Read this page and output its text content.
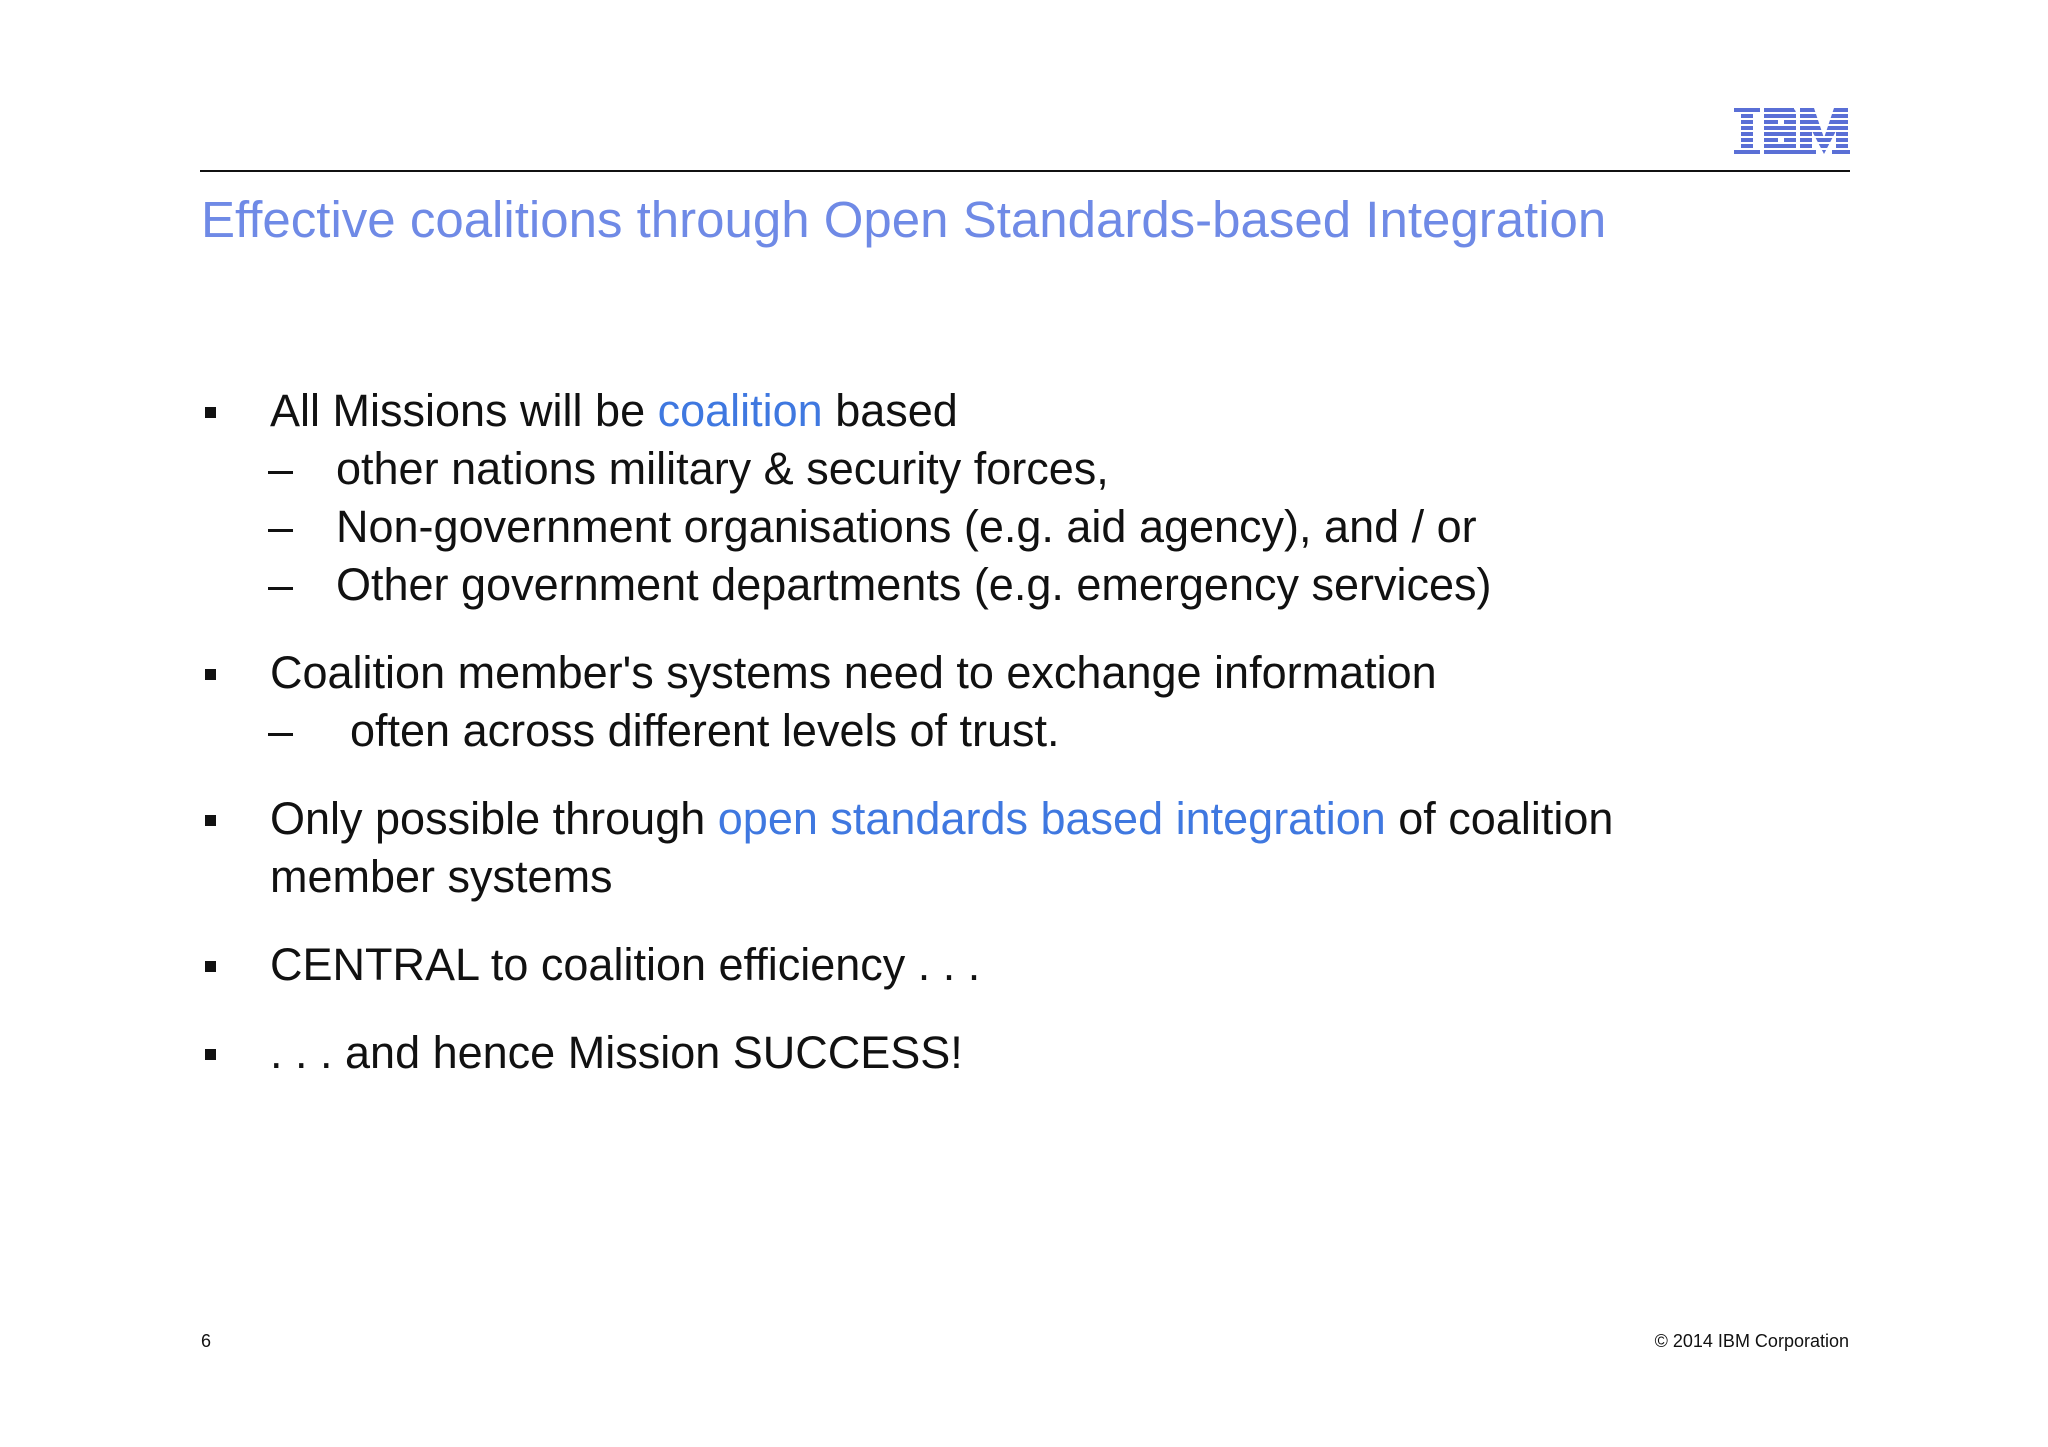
Effective coalitions through Open Standards-based Integration
All Missions will be coalition based
– other nations military & security forces,
– Non-government organisations (e.g. aid agency), and / or
– Other government departments (e.g. emergency services)
Coalition member's systems need to exchange information
– often across different levels of trust.
Only possible through open standards based integration of coalition member systems
CENTRAL to coalition efficiency . . .
. . . and hence Mission SUCCESS!
6	© 2014 IBM Corporation
